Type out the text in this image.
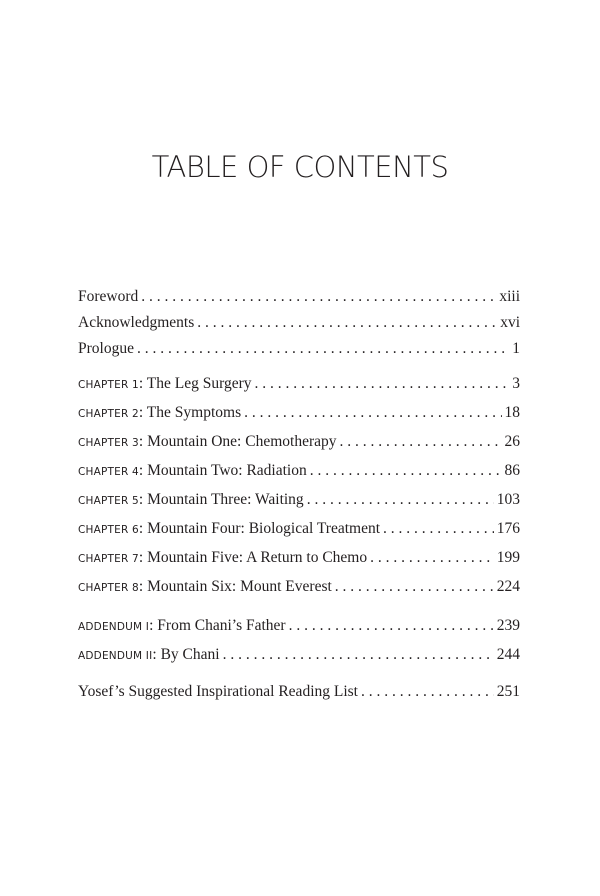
TABLE OF CONTENTS
Foreword . . .	xiii
Acknowledgments . . .	xvi
Prologue . . .	1
CHAPTER 1: The Leg Surgery . . .	3
CHAPTER 2: The Symptoms . . .	18
CHAPTER 3: Mountain One: Chemotherapy . . .	26
CHAPTER 4: Mountain Two: Radiation . . .	86
CHAPTER 5: Mountain Three: Waiting . . .	103
CHAPTER 6: Mountain Four: Biological Treatment . . .	176
CHAPTER 7: Mountain Five: A Return to Chemo . . .	199
CHAPTER 8: Mountain Six: Mount Everest . . .	224
ADDENDUM I: From Chani’s Father . . .	239
ADDENDUM II: By Chani . . .	244
Yosef’s Suggested Inspirational Reading List . . .	251
